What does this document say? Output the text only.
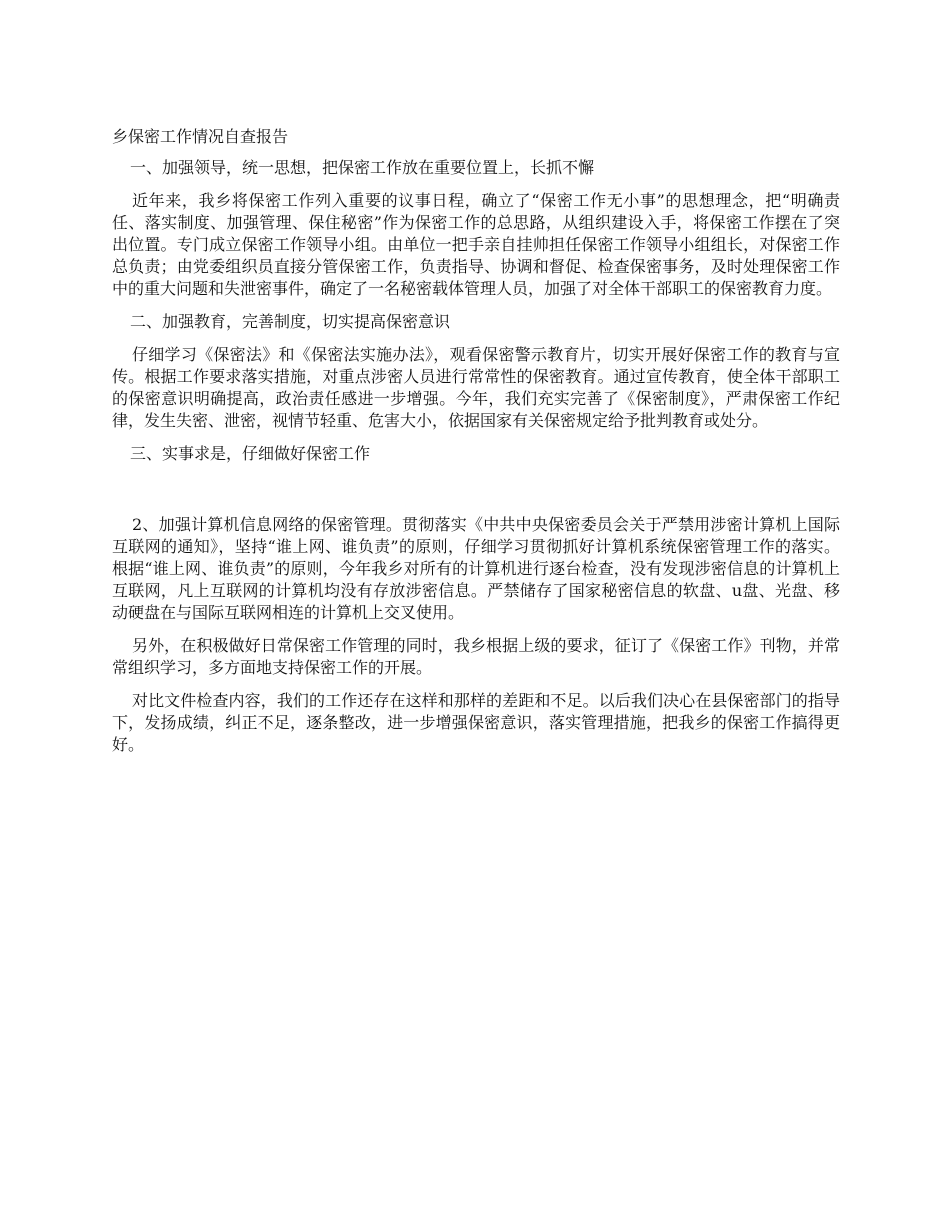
乡保密工作情况自查报告
一、加强领导，统一思想，把保密工作放在重要位置上，长抓不懈

近年来，我乡将保密工作列入重要的议事日程，确立了“保密工作无小事”的思想理念，把“明确责任、落实制度、加强管理、保住秘密”作为保密工作的总思路，从组织建设入手，将保密工作摆在了突出位置。专门成立保密工作领导小组。由单位一把手亲自挂帅担任保密工作领导小组组长，对保密工作总负责；由党委组织员直接分管保密工作，负责指导、协调和督促、检查保密事务，及时处理保密工作中的重大问题和失泄密事件，确定了一名秘密载体管理人员，加强了对全体干部职工的保密教育力度。

二、加强教育，完善制度，切实提高保密意识

仔细学习《保密法》和《保密法实施办法》，观看保密警示教育片，切实开展好保密工作的教育与宣传。根据工作要求落实措施，对重点涉密人员进行常常性的保密教育。通过宣传教育，使全体干部职工的保密意识明确提高，政治责任感进一步增强。今年，我们充实完善了《保密制度》，严肃保密工作纪律，发生失密、泄密，视情节轻重、危害大小，依据国家有关保密规定给予批判教育或处分。

三、实事求是，仔细做好保密工作

2、加强计算机信息网络的保密管理。贯彻落实《中共中央保密委员会关于严禁用涉密计算机上国际互联网的通知》，坚持“谁上网、谁负责”的原则，仔细学习贯彻抓好计算机系统保密管理工作的落实。根据“谁上网、谁负责”的原则，今年我乡对所有的计算机进行逐台检查，没有发现涉密信息的计算机上互联网，凡上互联网的计算机均没有存放涉密信息。严禁储存了国家秘密信息的软盘、u盘、光盘、移动硬盘在与国际互联网相连的计算机上交叉使用。

另外，在积极做好日常保密工作管理的同时，我乡根据上级的要求，征订了《保密工作》刊物，并常常组织学习，多方面地支持保密工作的开展。

对比文件检查内容，我们的工作还存在这样和那样的差距和不足。以后我们决心在县保密部门的指导下，发扬成绩，纠正不足，逐条整改，进一步增强保密意识，落实管理措施，把我乡的保密工作搞得更好。
